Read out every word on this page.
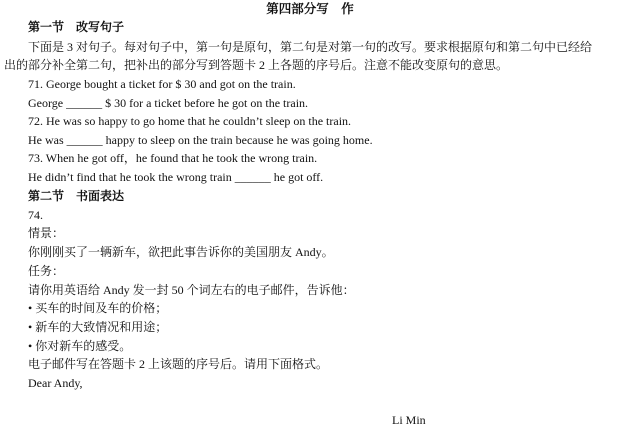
第四部分写　作
第一节　改写句子
下面是 3 对句子。每对句子中，第一句是原句，第二句是对第一句的改写。要求根据原句和第二句中已经给
出的部分补全第二句，把补出的部分写到答题卡 2 上各题的序号后。注意不能改变原句的意思。
71. George bought a ticket for $ 30 and got on the train.
George ______ $ 30 for a ticket before he got on the train.
72. He was so happy to go home that he couldn’t sleep on the train.
He was ______ happy to sleep on the train because he was going home.
73. When he got off，he found that he took the wrong train.
He didn’t find that he took the wrong train ______ he got off.
第二节　书面表达
74.
情景：
你刚刚买了一辆新车，欲把此事告诉你的美国朋友 Andy。
任务：
请你用英语给 Andy 发一封 50 个词左右的电子邮件，告诉他：
• 买车的时间及车的价格；
• 新车的大致情况和用途；
• 你对新车的感受。
电子邮件写在答题卡 2 上该题的序号后。请用下面格式。
Dear Andy,
Li Min
